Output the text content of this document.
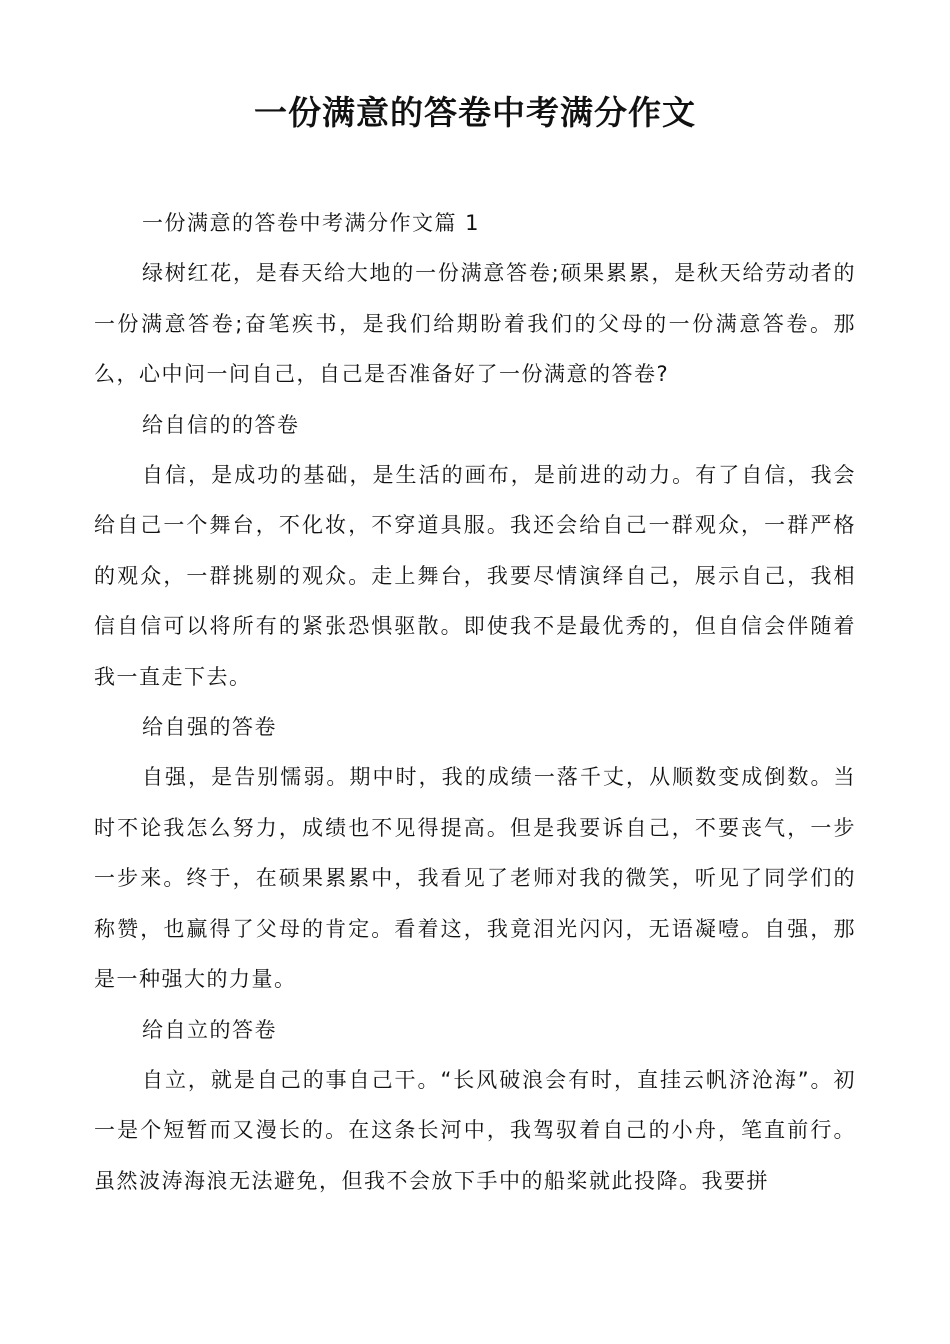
一份满意的答卷中考满分作文

一份满意的答卷中考满分作文篇 1

绿树红花，是春天给大地的一份满意答卷;硕果累累，是秋天给劳动者的一份满意答卷;奋笔疾书，是我们给期盼着我们的父母的一份满意答卷。那么，心中问一问自己，自己是否准备好了一份满意的答卷?

给自信的的答卷

自信，是成功的基础，是生活的画布，是前进的动力。有了自信，我会给自己一个舞台，不化妆，不穿道具服。我还会给自己一群观众，一群严格的观众，一群挑剔的观众。走上舞台，我要尽情演绎自己，展示自己，我相信自信可以将所有的紧张恐惧驱散。即使我不是最优秀的，但自信会伴随着我一直走下去。

给自强的答卷

自强，是告别懦弱。期中时，我的成绩一落千丈，从顺数变成倒数。当时不论我怎么努力，成绩也不见得提高。但是我要诉自己，不要丧气，一步一步来。终于，在硕果累累中，我看见了老师对我的微笑，听见了同学们的称赞，也赢得了父母的肯定。看着这，我竟泪光闪闪，无语凝噎。自强，那是一种强大的力量。

给自立的答卷

自立，就是自己的事自己干。“长风破浪会有时，直挂云帆济沧海”。初一是个短暂而又漫长的。在这条长河中，我驾驭着自己的小舟，笔直前行。虽然波涛海浪无法避免，但我不会放下手中的船桨就此投降。我要拼
